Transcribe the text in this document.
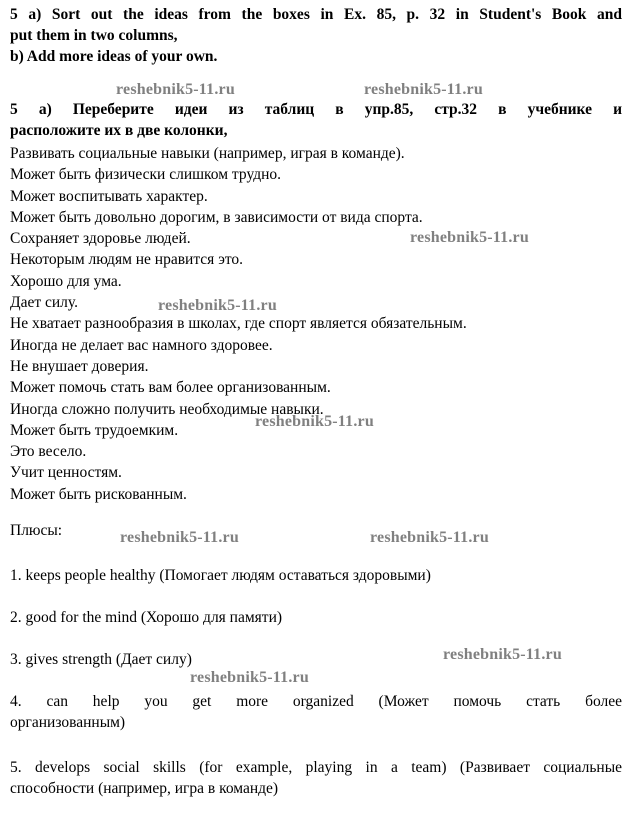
5 a) Sort out the ideas from the boxes in Ex. 85, p. 32 in Student's Book and

put them in two columns,

b) Add more ideas of your own.

5 а) Переберите идеи из таблиц в упр.85, стр.32 в учебнике и

расположите их в две колонки,

Развивать социальные навыки (например, играя в команде).

Может быть физически слишком трудно.

Может воспитывать характер.

Может быть довольно дорогим, в зависимости от вида спорта.

Сохраняет здоровье людей.

Некоторым людям не нравится это.

Хорошо для ума.

Дает силу.

Не хватает разнообразия в школах, где спорт является обязательным.

Иногда не делает вас намного здоровее.

Не внушает доверия.

Может помочь стать вам более организованным.

Иногда сложно получить необходимые навыки.

Может быть трудоемким.

Это весело.

Учит ценностям.

Может быть рискованным.

Плюсы:

1. keeps people healthy (Помогает людям оставаться здоровыми)

2. good for the mind (Хорошо для памяти)

3. gives strength (Дает силу)

4. can help you get more organized (Может помочь стать более

организованным)

5. develops social skills (for example, playing in a team) (Развивает социальные

способности (например, игра в команде)

reshebnik5-11.ru	reshebnik5-11.ru
reshebnik5-11.ru
reshebnik5-11.ru
reshebnik5-11.ru
reshebnik5-11.ru	reshebnik5-11.ru
reshebnik5-11.ru
reshebnik5-11.ru
